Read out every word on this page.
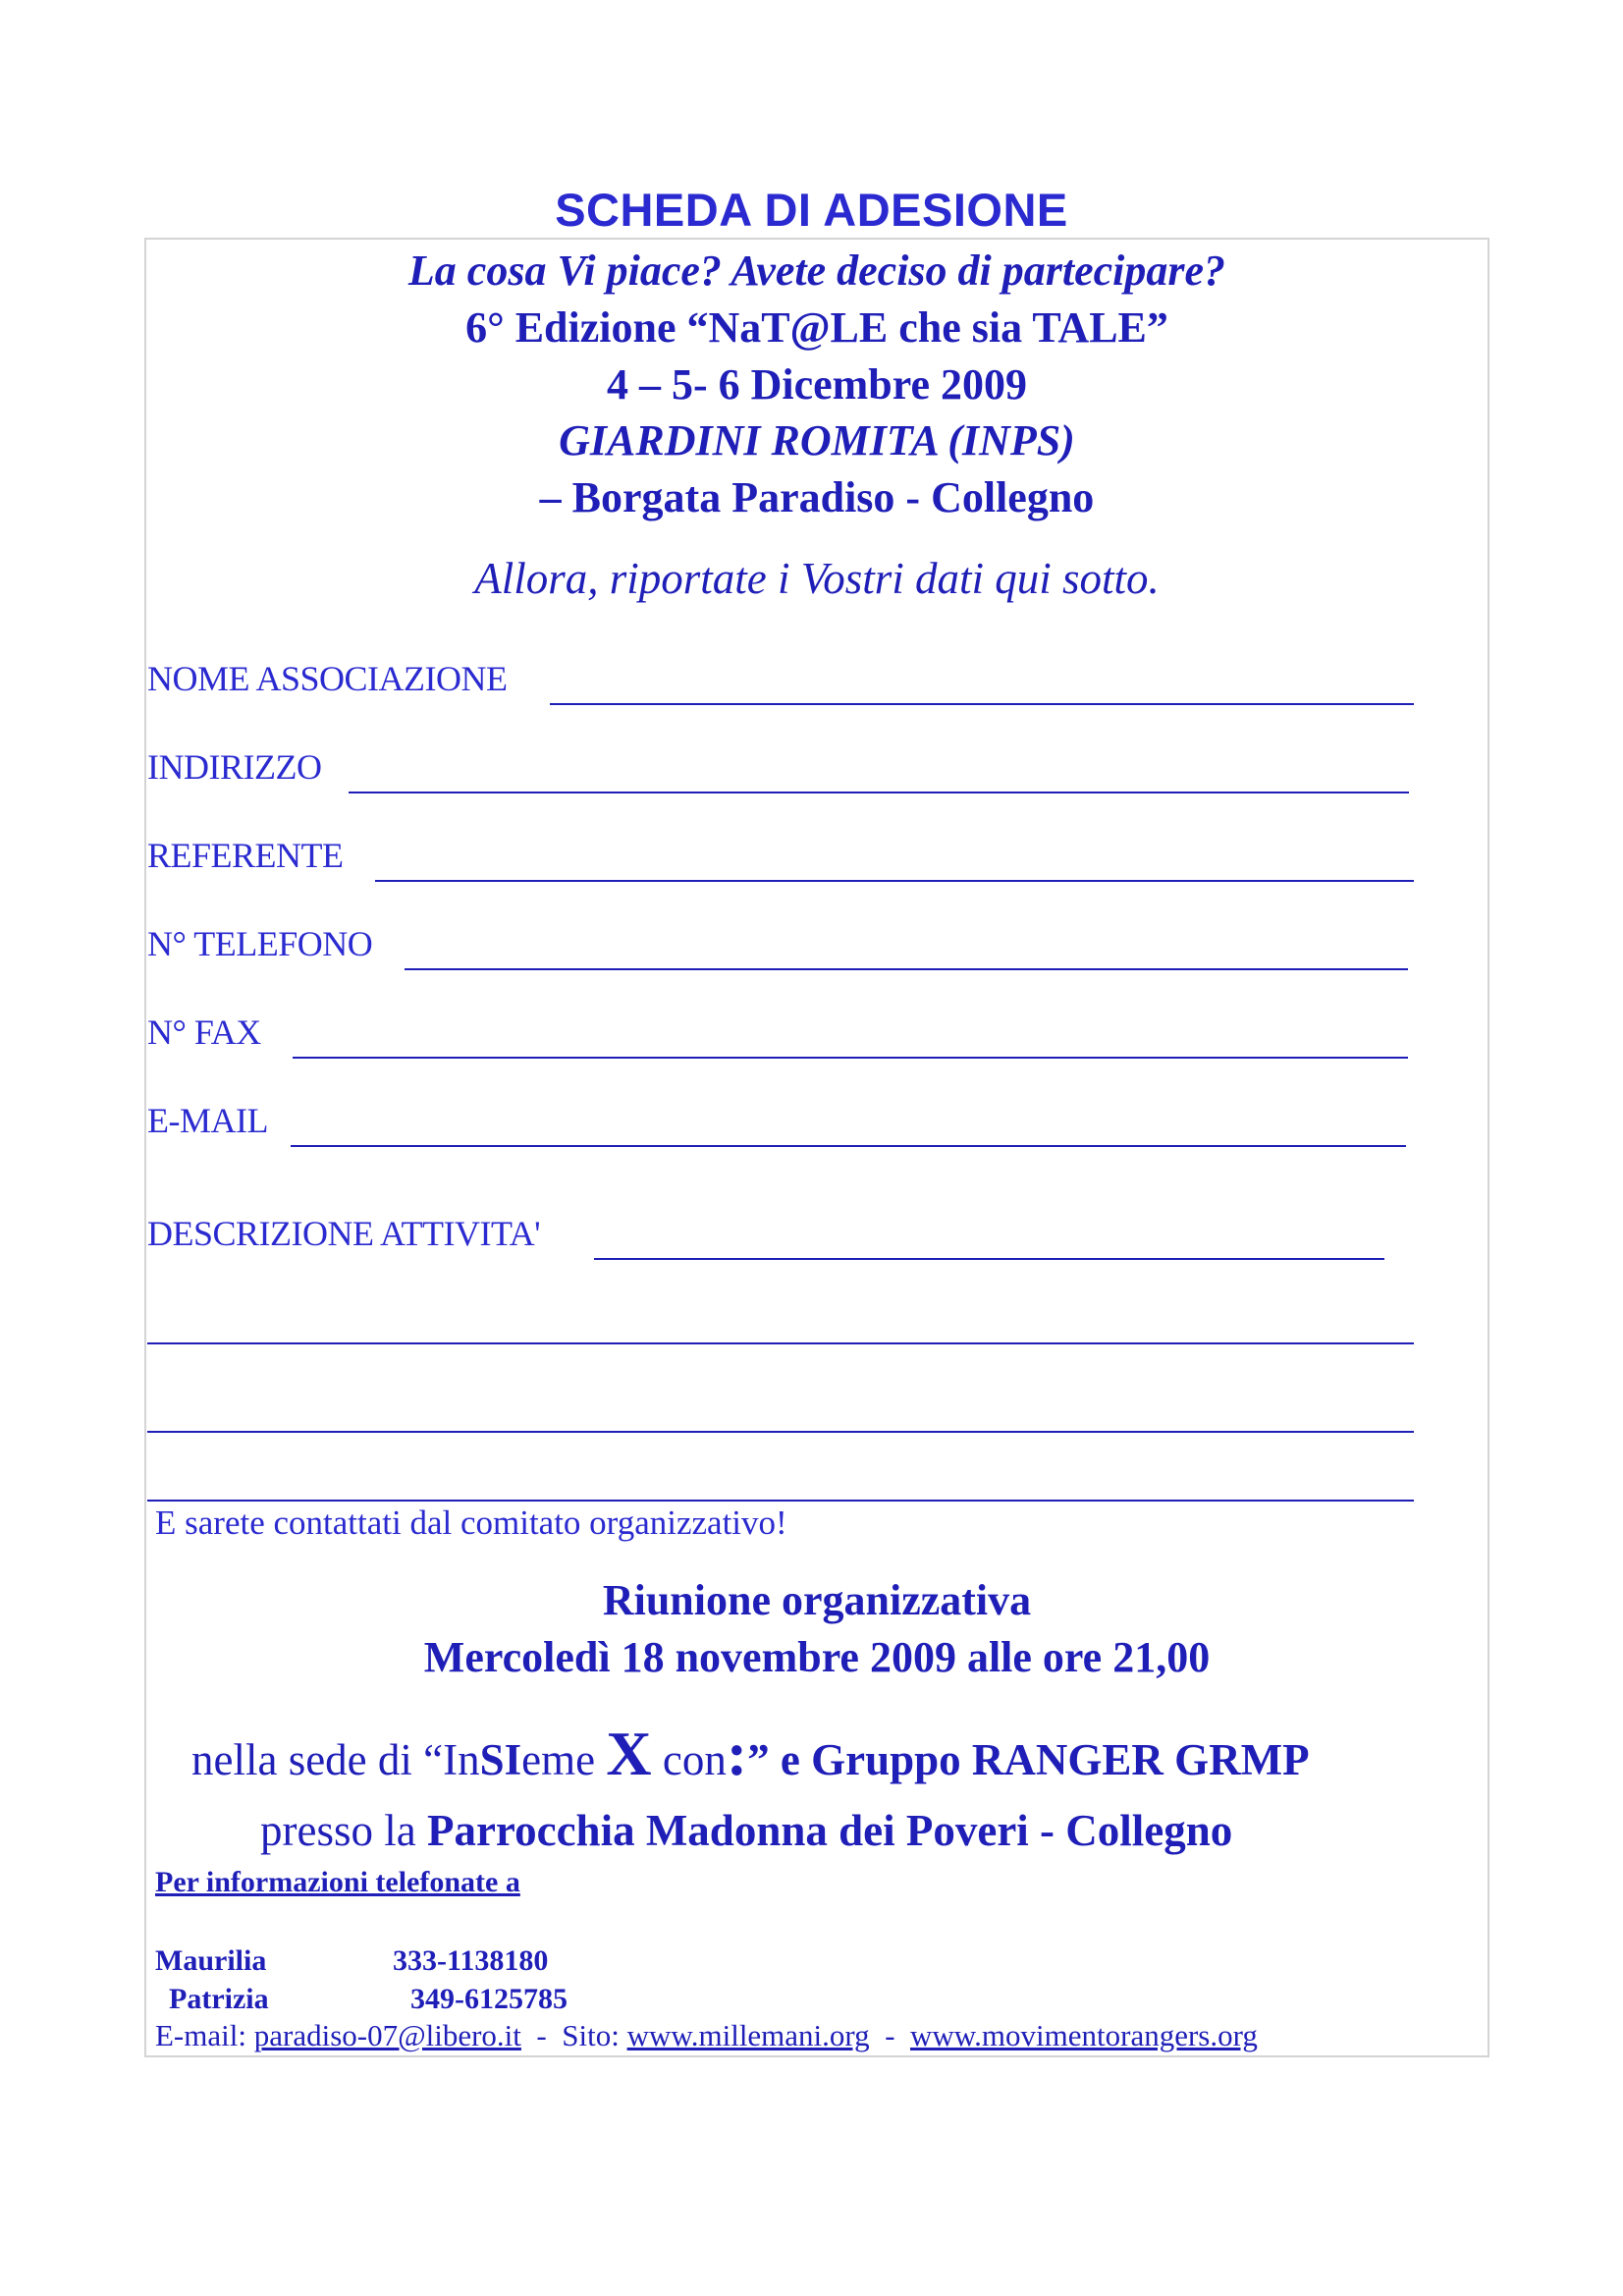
SCHEDA DI ADESIONE
La cosa Vi piace? Avete deciso di partecipare?
6° Edizione “NaT@LE che sia TALE”
4 – 5- 6 Dicembre 2009
GIARDINI ROMITA (INPS)
– Borgata Paradiso - Collegno
Allora, riportate i Vostri dati qui sotto.
NOME ASSOCIAZIONE
INDIRIZZO
REFERENTE
N° TELEFONO
N° FAX
E-MAIL
DESCRIZIONE ATTIVITA'
E sarete contattati dal comitato organizzativo!
Riunione organizzativa
Mercoledì 18 novembre 2009 alle ore 21,00
nella sede di “InSIeme X con:” e Gruppo RANGER GRMP
presso la Parrocchia Madonna dei Poveri - Collegno
Per informazioni telefonate a
Maurilia	333-1138180
Patrizia	349-6125785
E-mail: paradiso-07@libero.it  -  Sito: www.millemani.org  -  www.movimentorangers.org
